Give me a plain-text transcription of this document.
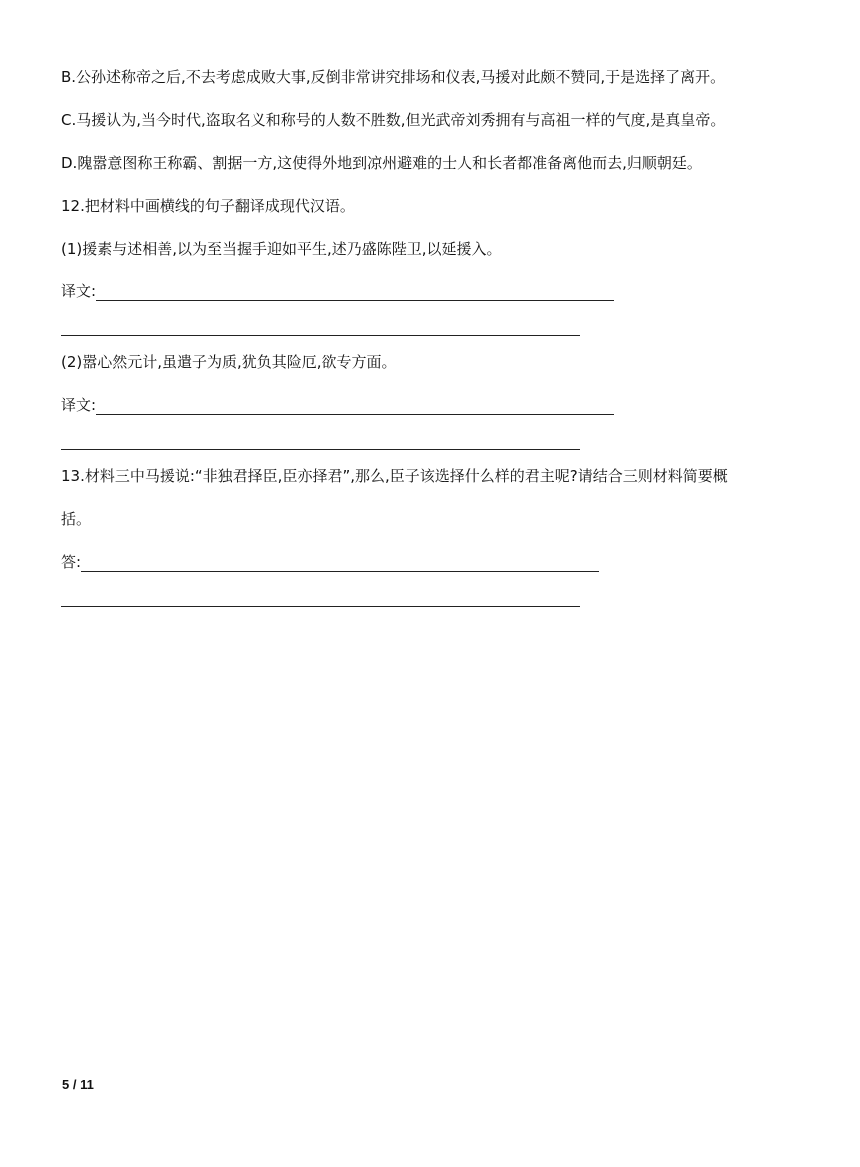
B.公孙述称帝之后,不去考虑成败大事,反倒非常讲究排场和仪表,马援对此颇不赞同,于是选择了离开。
C.马援认为,当今时代,盗取名义和称号的人数不胜数,但光武帝刘秀拥有与高祖一样的气度,是真皇帝。
D.隗嚣意图称王称霸、割据一方,这使得外地到凉州避难的士人和长者都准备离他而去,归顺朝廷。
12.把材料中画横线的句子翻译成现代汉语。
(1)援素与述相善,以为至当握手迎如平生,述乃盛陈陛卫,以延援入。
译文:
(2)嚣心然元计,虽遣子为质,犹负其险厄,欲专方面。
译文:
13.材料三中马援说:“非独君择臣,臣亦择君”,那么,臣子该选择什么样的君主呢?请结合三则材料简要概
括。
答:
5 / 11
